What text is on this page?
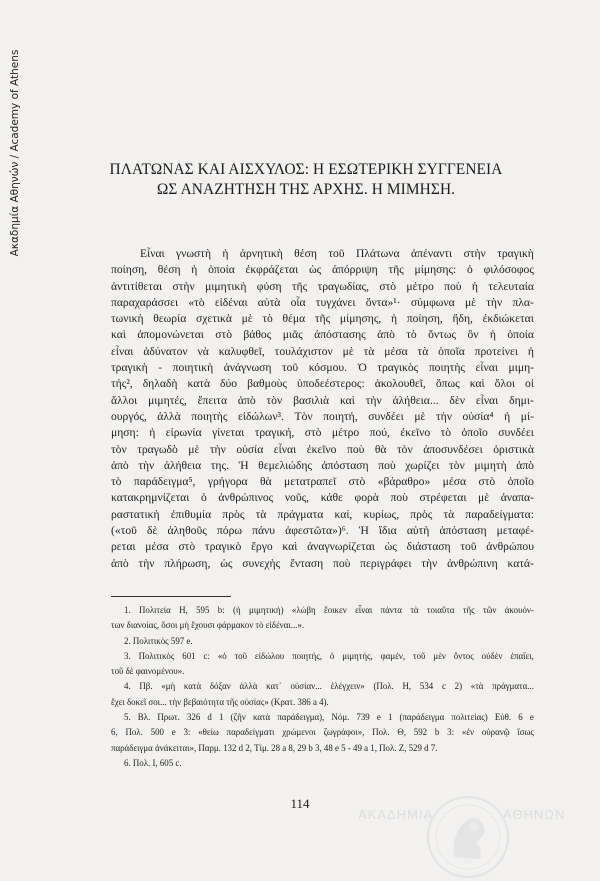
Ακαδημία Αθηνών / Academy of Athens	ΠΛΑΤΩΝΑΣ ΚΑΙ ΑΙΣΧΥΛΟΣ: Η ΕΣΩΤΕΡΙΚΗ ΣΥΓΓΕΝΕΙΑ
ΩΣ ΑΝΑΖΗΤΗΣΗ ΤΗΣ ΑΡΧΗΣ. Η ΜΙΜΗΣΗ.
Εἶναι γνωστὴ ἡ ἀρνητικὴ θέση τοῦ Πλάτωνα ἀπέναντι στὴν τραγικὴ
ποίηση, θέση ἡ ὁποία ἐκφράζεται ὡς ἀπόρριψη τῆς μίμησης: ὁ φιλόσοφος
ἀντιτίθεται στὴν μιμητικὴ φύση τῆς τραγωδίας, στὸ μέτρο ποὺ ἡ τελευταία
παραχαράσσει «τὸ εἰδέναι αὐτὰ οἷα τυγχάνει ὄντα»¹· σύμφωνα μὲ τὴν πλα-
τωνικὴ θεωρία σχετικὰ μὲ τὸ θέμα τῆς μίμησης, ἡ ποίηση, ἤδη, ἐκδιώκεται
καὶ ἀπομονώνεται στὸ βάθος μιᾶς ἀπόστασης ἀπὸ τὸ ὄντως ὂν ἡ ὁποία
εἶναι ἀδύνατον νὰ καλυφθεῖ, τουλάχιστον μὲ τὰ μέσα τὰ ὁποῖα προτείνει ἡ
τραγικὴ - ποιητικὴ ἀνάγνωση τοῦ κόσμου. Ὁ τραγικὸς ποιητὴς εἶναι μιμη-
τής², δηλαδὴ κατὰ δύο βαθμοὺς ὑποδεέστερος: ἀκολουθεῖ, ὅπως καὶ ὅλοι οἱ
ἄλλοι μιμητές, ἔπειτα ἀπὸ τὸν βασιλιὰ καὶ τὴν ἀλήθεια... δὲν εἶναι δημι-
ουργός, ἀλλὰ ποιητὴς εἰδώλων³. Τὸν ποιητή, συνδέει μὲ τὴν οὐσία⁴ ἡ μί-
μηση: ἡ εἰρωνία γίνεται τραγική, στὸ μέτρο πού, ἐκεῖνο τὸ ὁποῖο συνδέει
τὸν τραγωδὸ μὲ τὴν οὐσία εἶναι ἐκεῖνο ποὺ θὰ τὸν ἀποσυνδέσει ὁριστικὰ
ἀπὸ τὴν ἀλήθεια της. Ἡ θεμελιώδης ἀπόσταση ποὺ χωρίζει τὸν μιμητὴ ἀπὸ
τὸ παράδειγμα⁵, γρήγορα θὰ μετατραπεῖ στὸ «βάραθρο» μέσα στὸ ὁποῖο
κατακρημνίζεται ὁ ἀνθρώπινος νοῦς, κάθε φορὰ ποὺ στρέφεται μὲ ἀναπα-
ραστατικὴ ἐπιθυμία πρὸς τὰ πράγματα καί, κυρίως, πρὸς τὰ παραδείγματα:
(«τοῦ δὲ ἀληθοῦς πόρω πάνυ ἀφεστῶτα»)⁶. Ἡ ἴδια αὐτὴ ἀπόσταση μεταφέ-
ρεται μέσα στὸ τραγικὸ ἔργο καὶ ἀναγνωρίζεται ὡς διάσταση τοῦ ἀνθρώπου
ἀπὸ τὴν πλήρωση, ὡς συνεχὴς ἔνταση ποὺ περιγράφει τὴν ἀνθρώπινη κατά-
1. Πολιτεία Η, 595 b: (ἡ μιμητική) «λώβη ἔοικεν εἶναι πάντα τὰ τοιαῦτα τῆς τῶν ἀκουόν-
των διανοίας, ὅσοι μὴ ἔχουσι φάρμακον τὸ εἰδέναι...».
2. Πολιτικὸς 597 e.
3. Πολιτικὸς 601 c: «ὁ τοῦ εἰδώλου ποιητής, ὁ μιμητής, φαμέν, τοῦ μὲν ὄντος οὐδὲν ἐπαΐει,
τοῦ δὲ φαινομένου».
4. Πβ. «μὴ κατὰ δόξαν ἀλλὰ κατ᾽ οὐσίαν... ἐλέγχειν» (Πολ. Η, 534 c 2) «τὰ πράγματα...
ἔχει δοκεῖ σοι... τὴν βεβαιότητα τῆς οὐσίας» (Κρατ. 386 a 4).
5. Βλ. Πρωτ. 326 d 1 (ζῆν κατὰ παράδειγμα), Νόμ. 739 e 1 (παράδειγμα πολιτείας) Εὐθ. 6 e
6, Πολ. 500 e 3: «θείω παραδείγματι χρώμενοι ζωγράφοι», Πολ. Θ, 592 b 3: «ἐν οὐρανῷ ἴσως
παράδειγμα ἀνάκειται», Παρμ. 132 d 2, Τίμ. 28 a 8, 29 b 3, 48 e 5 - 49 a 1, Πολ. Ζ, 529 d 7.
6. Πολ. Ι, 605 c.
114
ΑΚΑΔΗΜΙΑ	ΑΘΗΝΩΝ
